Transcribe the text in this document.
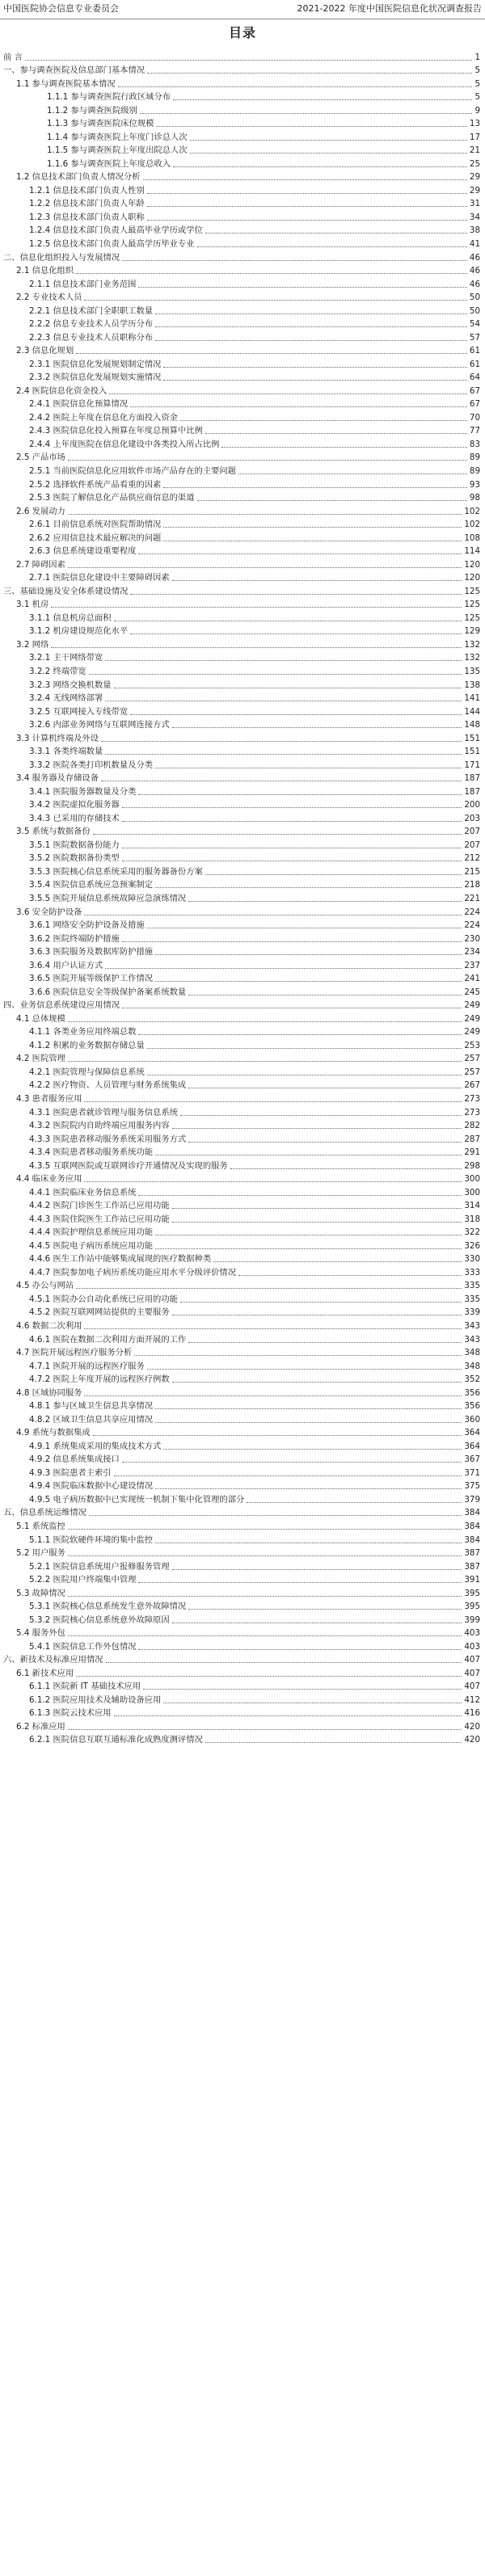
中国医院协会信息专业委员会	2021-2022 年度中国医院信息化状况调查报告
目录
前 言	1
一、参与调查医院及信息部门基本情况	5
1.1 参与调查医院基本情况	5
1.1.1 参与调查医院行政区域分布	5
1.1.2 参与调查医院级别	9
1.1.3 参与调查医院床位规模	13
1.1.4 参与调查医院上年度门诊总人次	17
1.1.5 参与调查医院上年度出院总人次	21
1.1.6 参与调查医院上年度总收入	25
1.2 信息技术部门负责人情况分析	29
1.2.1 信息技术部门负责人性别	29
1.2.2 信息技术部门负责人年龄	31
1.2.3 信息技术部门负责人职称	34
1.2.4 信息技术部门负责人最高毕业学历或学位	38
1.2.5 信息技术部门负责人最高学历毕业专业	41
二、信息化组织投入与发展情况	46
2.1 信息化组织	46
2.1.1 信息技术部门业务范围	46
2.2 专业技术人员	50
2.2.1 信息技术部门全职职工数量	50
2.2.2 信息专业技术人员学历分布	54
2.2.3 信息专业技术人员职称分布	57
2.3 信息化规划	61
2.3.1 医院信息化发展规划制定情况	61
2.3.2 医院信息化发展规划实施情况	64
2.4 医院信息化资金投入	67
2.4.1 医院信息化预算情况	67
2.4.2 医院上年度在信息化方面投入资金	70
2.4.3 医院信息化投入预算在年度总预算中比例	77
2.4.4 上年度医院在信息化建设中各类投入所占比例	83
2.5 产品市场	89
2.5.1 当前医院信息化应用软件市场产品存在的主要问题	89
2.5.2 选择软件系统产品看重的因素	93
2.5.3 医院了解信息化产品供应商信息的渠道	98
2.6 发展动力	102
2.6.1 目前信息系统对医院帮助情况	102
2.6.2 应用信息技术最应解决的问题	108
2.6.3 信息系统建设重要程度	114
2.7 障碍因素	120
2.7.1 医院信息化建设中主要障碍因素	120
三、基础设施及安全体系建设情况	125
3.1 机房	125
3.1.1 信息机房总面积	125
3.1.2 机房建设规范化水平	129
3.2 网络	132
3.2.1 主干网络带宽	132
3.2.2 终端带宽	135
3.2.3 网络交换机数量	138
3.2.4 无线网络部署	141
3.2.5 互联网接入专线带宽	144
3.2.6 内部业务网络与互联网连接方式	148
3.3 计算机终端及外设	151
3.3.1 各类终端数量	151
3.3.2 医院各类打印机数量及分类	171
3.4 服务器及存储设备	187
3.4.1 医院服务器数量及分类	187
3.4.2 医院虚拟化服务器	200
3.4.3 已采用的存储技术	203
3.5 系统与数据备份	207
3.5.1 医院数据备份能力	207
3.5.2 医院数据备份类型	212
3.5.3 医院核心信息系统采用的服务器备份方案	215
3.5.4 医院信息系统应急预案制定	218
3.5.5 医院开展信息系统故障应急演练情况	221
3.6 安全防护设备	224
3.6.1 网络安全防护设备及措施	224
3.6.2 医院终端防护措施	230
3.6.3 医院服务及数据库防护措施	234
3.6.4 用户认证方式	237
3.6.5 医院开展等级保护工作情况	241
3.6.6 医院信息安全等级保护备案系统数量	245
四、业务信息系统建设应用情况	249
4.1 总体规模	249
4.1.1 各类业务应用终端总数	249
4.1.2 积累的业务数据存储总量	253
4.2 医院管理	257
4.2.1 医院管理与保障信息系统	257
4.2.2 医疗物资、人员管理与财务系统集成	267
4.3 患者服务应用	273
4.3.1 医院患者就诊管理与服务信息系统	273
4.3.2 医院院内自助终端应用服务内容	282
4.3.3 医院患者移动服务系统采用服务方式	287
4.3.4 医院患者移动服务系统功能	291
4.3.5 互联网医院或互联网诊疗开通情况及实现的服务	298
4.4 临床业务应用	300
4.4.1 医院临床业务信息系统	300
4.4.2 医院门诊医生工作站已应用功能	314
4.4.3 医院住院医生工作站已应用功能	318
4.4.4 医院护理信息系统应用功能	322
4.4.5 医院电子病历系统应用功能	326
4.4.6 医生工作站中能够集成展现的医疗数据种类	330
4.4.7 医院参加电子病历系统功能应用水平分级评价情况	333
4.5 办公与网站	335
4.5.1 医院办公自动化系统已应用的功能	335
4.5.2 医院互联网网站提供的主要服务	339
4.6 数据二次利用	343
4.6.1 医院在数据二次利用方面开展的工作	343
4.7 医院开展远程医疗服务分析	348
4.7.1 医院开展的远程医疗服务	348
4.7.2 医院上年度开展的远程医疗例数	352
4.8 区域协同服务	356
4.8.1 参与区域卫生信息共享情况	356
4.8.2 区域卫生信息共享应用情况	360
4.9 系统与数据集成	364
4.9.1 系统集成采用的集成技术方式	364
4.9.2 信息系统集成接口	367
4.9.3 医院患者主索引	371
4.9.4 医院临床数据中心建设情况	375
4.9.5 电子病历数据中已实现统一机制下集中化管理的部分	379
五、信息系统运维情况	384
5.1 系统监控	384
5.1.1 医院软硬件环境的集中监控	384
5.2 用户服务	387
5.2.1 医院信息系统用户报修服务管理	387
5.2.2 医院用户终端集中管理	391
5.3 故障情况	395
5.3.1 医院核心信息系统发生意外故障情况	395
5.3.2 医院核心信息系统意外故障原因	399
5.4 服务外包	403
5.4.1 医院信息工作外包情况	403
六、新技术及标准应用情况	407
6.1 新技术应用	407
6.1.1 医院新 IT 基础技术应用	407
6.1.2 医院应用技术及辅助设备应用	412
6.1.3 医院云技术应用	416
6.2 标准应用	420
6.2.1 医院信息互联互通标准化成熟度测评情况	420
